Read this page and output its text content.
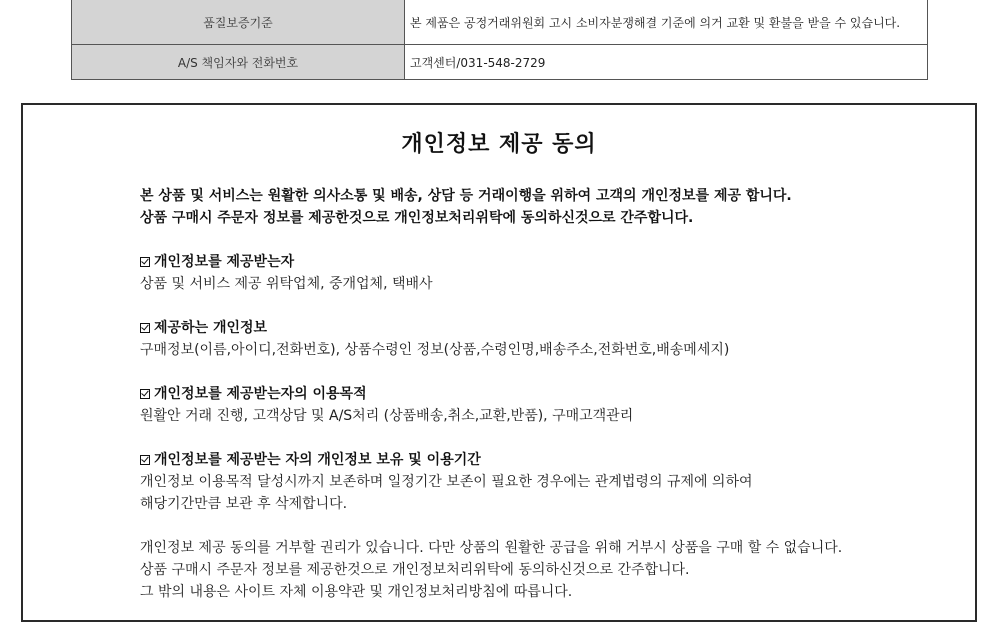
품질보증기준	본 제품은 공정거래위원회 고시 소비자분쟁해결 기준에 의거 교환 및 환불을 받을 수 있습니다.
A/S 책임자와 전화번호	고객센터/031-548-2729
개인정보 제공 동의
본 상품 및 서비스는 원활한 의사소통 및 배송, 상담 등 거래이행을 위하여 고객의 개인정보를 제공 합니다.
상품 구매시 주문자 정보를 제공한것으로 개인정보처리위탁에 동의하신것으로 간주합니다.
개인정보를 제공받는자
상품 및 서비스 제공 위탁업체, 중개업체, 택배사
제공하는 개인정보
구매정보(이름,아이디,전화번호), 상품수령인 정보(상품,수령인명,배송주소,전화번호,배송메세지)
개인정보를 제공받는자의 이용목적
원활안 거래 진행, 고객상담 및 A/S처리 (상품배송,취소,교환,반품), 구매고객관리
개인정보를 제공받는 자의 개인정보 보유 및 이용기간
개인정보 이용목적 달성시까지 보존하며 일정기간 보존이 필요한 경우에는 관계법령의 규제에 의하여
해당기간만큼 보관 후 삭제합니다.
개인정보 제공 동의를 거부할 권리가 있습니다. 다만 상품의 원활한 공급을 위해 거부시 상품을 구매 할 수 없습니다.
상품 구매시 주문자 정보를 제공한것으로 개인정보처리위탁에 동의하신것으로 간주합니다.
그 밖의 내용은 사이트 자체 이용약관 및 개인정보처리방침에 따릅니다.
